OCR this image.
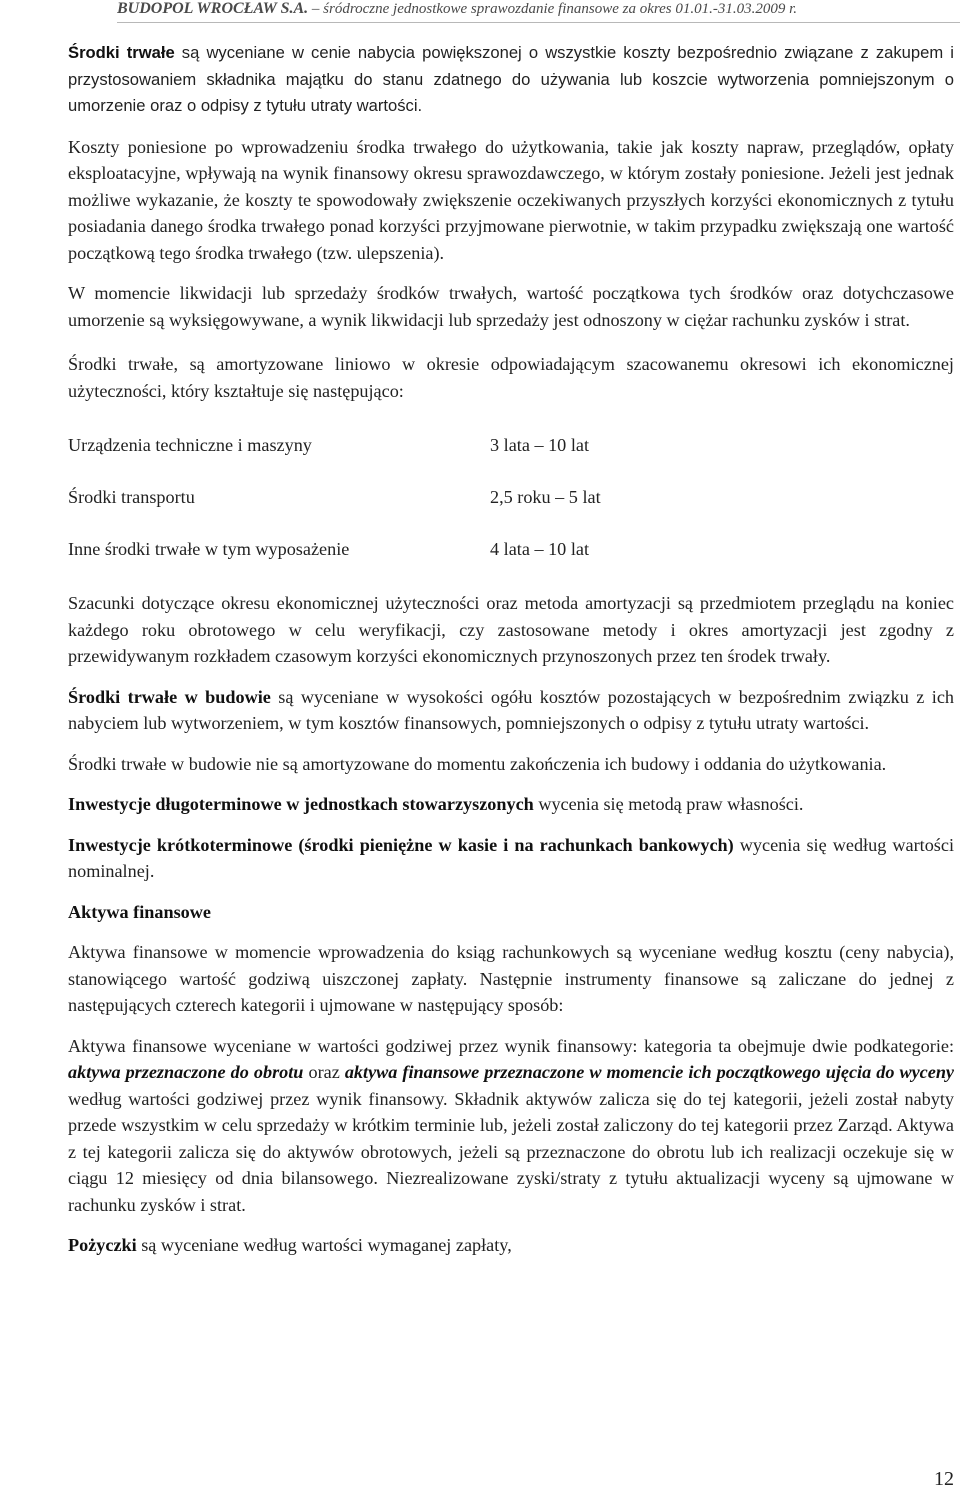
BUDOPOL WROCŁAW S.A. – śródroczne jednostkowe sprawozdanie finansowe za okres 01.01.-31.03.2009 r.

Środki trwałe są wyceniane w cenie nabycia powiększonej o wszystkie koszty bezpośrednio związane z zakupem i przystosowaniem składnika majątku do stanu zdatnego do używania lub koszcie wytworzenia pomniejszonym o umorzenie oraz o odpisy z tytułu utraty wartości.

Koszty poniesione po wprowadzeniu środka trwałego do użytkowania, takie jak koszty napraw, przeglądów, opłaty eksploatacyjne, wpływają na wynik finansowy okresu sprawozdawczego, w którym zostały poniesione. Jeżeli jest jednak możliwe wykazanie, że koszty te spowodowały zwiększenie oczekiwanych przyszłych korzyści ekonomicznych z tytułu posiadania danego środka trwałego ponad korzyści przyjmowane pierwotnie, w takim przypadku zwiększają one wartość początkową tego środka trwałego (tzw. ulepszenia).

W momencie likwidacji lub sprzedaży środków trwałych, wartość początkowa tych środków oraz dotychczasowe umorzenie są wyksięgowywane, a wynik likwidacji lub sprzedaży jest odnoszony w ciężar rachunku zysków i strat.

Środki trwałe, są amortyzowane liniowo w okresie odpowiadającym szacowanemu okresowi ich ekonomicznej użyteczności, który kształtuje się następująco:

Urządzenia techniczne i maszyny	3 lata – 10 lat
Środki transportu	2,5 roku – 5 lat
Inne środki trwałe w tym wyposażenie	4 lata – 10 lat

Szacunki dotyczące okresu ekonomicznej użyteczności oraz metoda amortyzacji są przedmiotem przeglądu na koniec każdego roku obrotowego w celu weryfikacji, czy zastosowane metody i okres amortyzacji jest zgodny z przewidywanym rozkładem czasowym korzyści ekonomicznych przynoszonych przez ten środek trwały.

Środki trwałe w budowie są wyceniane w wysokości ogółu kosztów pozostających w bezpośrednim związku z ich nabyciem lub wytworzeniem, w tym kosztów finansowych, pomniejszonych o odpisy z tytułu utraty wartości.

Środki trwałe w budowie nie są amortyzowane do momentu zakończenia ich budowy i oddania do użytkowania.

Inwestycje długoterminowe w jednostkach stowarzyszonych wycenia się metodą praw własności.

Inwestycje krótkoterminowe (środki pieniężne w kasie i na rachunkach bankowych) wycenia się według wartości nominalnej.

Aktywa finansowe

Aktywa finansowe w momencie wprowadzenia do ksiąg rachunkowych są wyceniane według kosztu (ceny nabycia), stanowiącego wartość godziwą uiszczonej zapłaty. Następnie instrumenty finansowe są zaliczane do jednej z następujących czterech kategorii i ujmowane w następujący sposób:

Aktywa finansowe wyceniane w wartości godziwej przez wynik finansowy: kategoria ta obejmuje dwie podkategorie: aktywa przeznaczone do obrotu oraz aktywa finansowe przeznaczone w momencie ich początkowego ujęcia do wyceny według wartości godziwej przez wynik finansowy. Składnik aktywów zalicza się do tej kategorii, jeżeli został nabyty przede wszystkim w celu sprzedaży w krótkim terminie lub, jeżeli został zaliczony do tej kategorii przez Zarząd. Aktywa z tej kategorii zalicza się do aktywów obrotowych, jeżeli są przeznaczone do obrotu lub ich realizacji oczekuje się w ciągu 12 miesięcy od dnia bilansowego. Niezrealizowane zyski/straty z tytułu aktualizacji wyceny są ujmowane w rachunku zysków i strat.

Pożyczki są wyceniane według wartości wymaganej zapłaty,

12
